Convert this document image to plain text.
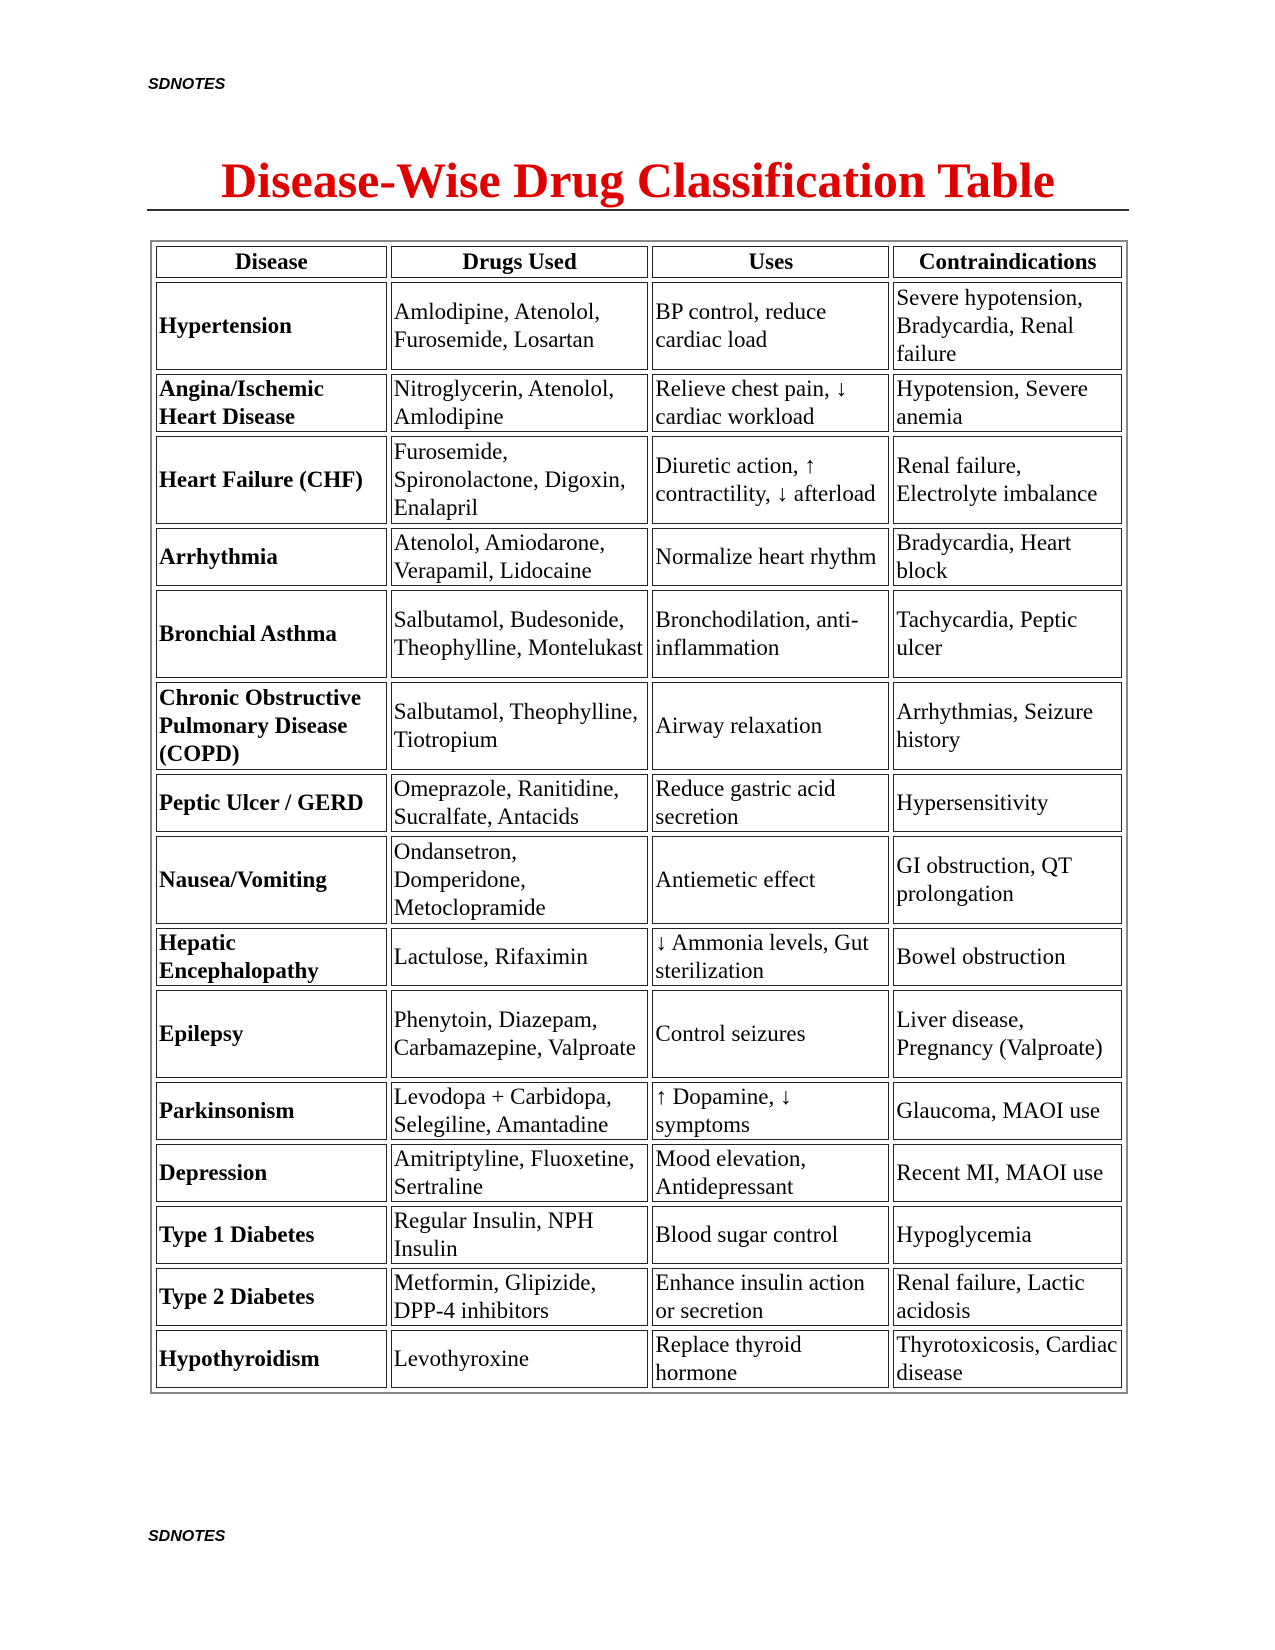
SDNOTES
Disease-Wise Drug Classification Table
Disease	Drugs Used	Uses	Contraindications
Hypertension	Amlodipine, Atenolol, Furosemide, Losartan	BP control, reduce cardiac load	Severe hypotension, Bradycardia, Renal failure
Angina/Ischemic Heart Disease	Nitroglycerin, Atenolol, Amlodipine	Relieve chest pain, ↓ cardiac workload	Hypotension, Severe anemia
Heart Failure (CHF)	Furosemide, Spironolactone, Digoxin, Enalapril	Diuretic action, ↑ contractility, ↓ afterload	Renal failure, Electrolyte imbalance
Arrhythmia	Atenolol, Amiodarone, Verapamil, Lidocaine	Normalize heart rhythm	Bradycardia, Heart block
Bronchial Asthma	Salbutamol, Budesonide, Theophylline, Montelukast	Bronchodilation, anti-inflammation	Tachycardia, Peptic ulcer
Chronic Obstructive Pulmonary Disease (COPD)	Salbutamol, Theophylline, Tiotropium	Airway relaxation	Arrhythmias, Seizure history
Peptic Ulcer / GERD	Omeprazole, Ranitidine, Sucralfate, Antacids	Reduce gastric acid secretion	Hypersensitivity
Nausea/Vomiting	Ondansetron, Domperidone, Metoclopramide	Antiemetic effect	GI obstruction, QT prolongation
Hepatic Encephalopathy	Lactulose, Rifaximin	↓ Ammonia levels, Gut sterilization	Bowel obstruction
Epilepsy	Phenytoin, Diazepam, Carbamazepine, Valproate	Control seizures	Liver disease, Pregnancy (Valproate)
Parkinsonism	Levodopa + Carbidopa, Selegiline, Amantadine	↑ Dopamine, ↓ symptoms	Glaucoma, MAOI use
Depression	Amitriptyline, Fluoxetine, Sertraline	Mood elevation, Antidepressant	Recent MI, MAOI use
Type 1 Diabetes	Regular Insulin, NPH Insulin	Blood sugar control	Hypoglycemia
Type 2 Diabetes	Metformin, Glipizide, DPP-4 inhibitors	Enhance insulin action or secretion	Renal failure, Lactic acidosis
Hypothyroidism	Levothyroxine	Replace thyroid hormone	Thyrotoxicosis, Cardiac disease
SDNOTES
